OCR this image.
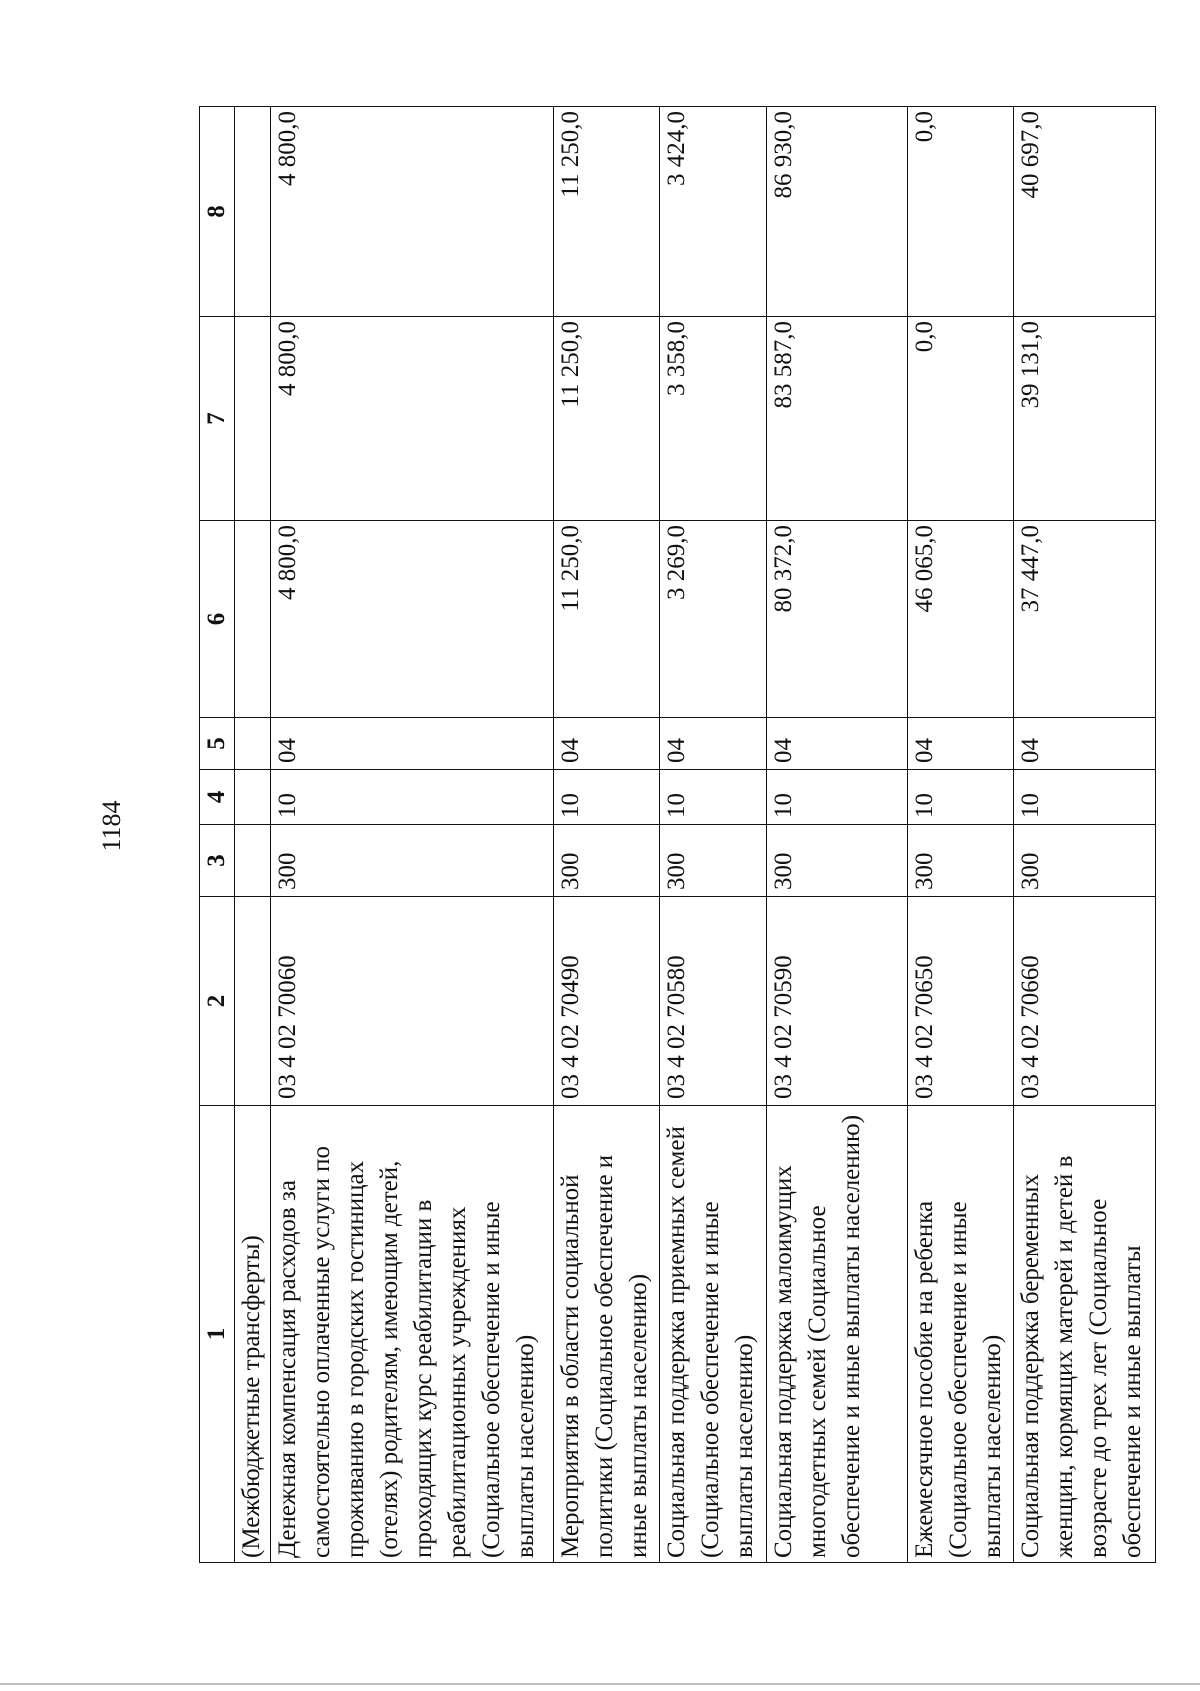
1184
1	2	3	4	5	6	7	8
(Межбюджетные трансферты)							
Денежная компенсация расходов за самостоятельно оплаченные услуги по проживанию в городских гостиницах (отелях) родителям, имеющим детей, проходящих курс реабилитации в реабилитационных учреждениях (Социальное обеспечение и иные выплаты населению)	03 4 02 70060	300	10	04	4 800,0	4 800,0	4 800,0
Мероприятия в области социальной политики (Социальное обеспечение и иные выплаты населению)	03 4 02 70490	300	10	04	11 250,0	11 250,0	11 250,0
Социальная поддержка приемных семей (Социальное обеспечение и иные выплаты населению)	03 4 02 70580	300	10	04	3 269,0	3 358,0	3 424,0
Социальная поддержка малоимущих многодетных семей (Социальное обеспечение и иные выплаты населению)	03 4 02 70590	300	10	04	80 372,0	83 587,0	86 930,0
Ежемесячное пособие на ребенка (Социальное обеспечение и иные выплаты населению)	03 4 02 70650	300	10	04	46 065,0	0,0	0,0
Социальная поддержка беременных женщин, кормящих матерей и детей в возрасте до трех лет (Социальное обеспечение и иные выплаты	03 4 02 70660	300	10	04	37 447,0	39 131,0	40 697,0
